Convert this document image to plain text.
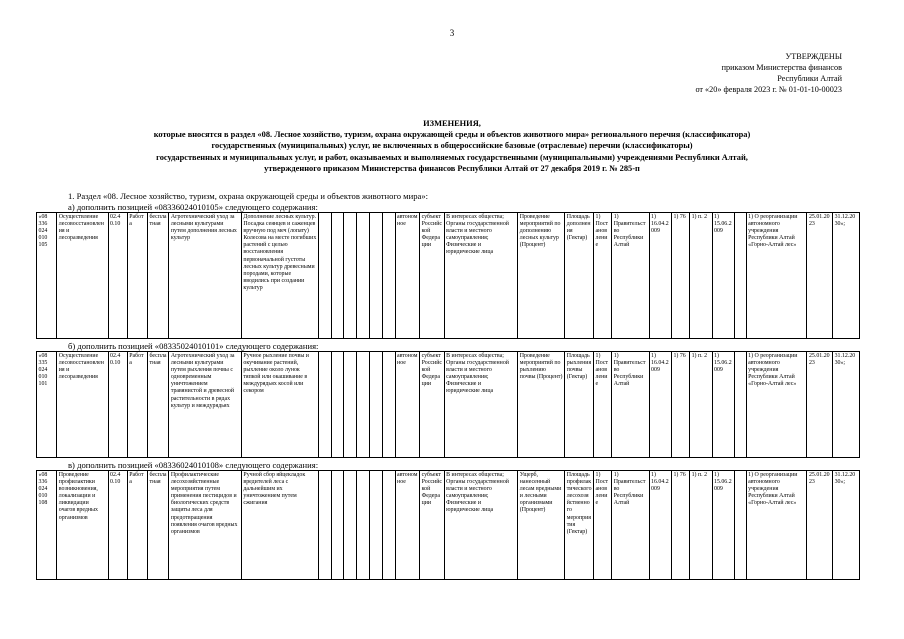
3
УТВЕРЖДЕНЫ
приказом Министерства финансов
Республики Алтай
от «20» февраля 2023 г. № 01-01-10-00023
ИЗМЕНЕНИЯ,
которые вносятся в раздел «08. Лесное хозяйство, туризм, охрана окружающей среды и объектов животного мира» регионального перечня (классификатора)
государственных (муниципальных) услуг, не включенных в общероссийские базовые (отраслевые) перечни (классификаторы)
государственных и муниципальных услуг, и работ, оказываемых и выполняемых государственными (муниципальными) учреждениями Республики Алтай,
утвержденного приказом Министерства финансов Республики Алтай от 27 декабря 2019 г. № 285-п
1. Раздел «08. Лесное хозяйство, туризм, охрана окружающей среды и объектов животного мира»:
а) дополнить позицией «08336024010105» следующего содержания:
«08 336 024 010 105	Осуществление лесовосстановления и лесоразведения	02.4 0.10	Работа	бесплатная	Агротехнический уход за лесными культурами путем дополнения лесных культур	Дополнение лесных культур. Посадка сеянцев и саженцев вручную под меч (лопату) Колесова на месте погибших растений с целью восстановления первоначальной густоты лесных культур древесными породами, которые вводились при создании культур							автономное	субъект Российской Федерации	В интересах общества; Органы государственной власти и местного самоуправления; Физические и юридические лица	Проведение мероприятий по дополнению лесных культур (Процент)	Площадь дополнения (Гектар)	1) Постановление	1) Правительство Республики Алтай	1) 16.04.2009	1) 76	1) п. 2	1) 15.06.2009		1) О реорганизации автономного учреждения Республики Алтай «Горно-Алтай лес»	25.01.2023	31.12.2030»;
б) дополнить позицией «08335024010101» следующего содержания:
«08 335 024 010 101	Осуществление лесовосстановления и лесоразведения	02.4 0.10	Работа	бесплатная	Агротехнический уход за лесными культурами путем рыхления почвы с одновременным уничтожением травянистой и древесной растительности в рядах культур и междурядьях	Ручное рыхление почвы и окучивание растений, рыхление около лунок тяпкой или окашивание в междурядьях косой или секором							автономное	субъект Российской Федерации	В интересах общества; Органы государственной власти и местного самоуправления; Физические и юридические лица	Проведение мероприятий по рыхлению почвы (Процент)	Площадь рыхления почвы (Гектар)	1) Постановление	1) Правительство Республики Алтай	1) 16.04.2009	1) 76	1) п. 2	1) 15.06.2009		1) О реорганизации автономного учреждения Республики Алтай «Горно-Алтай лес»	25.01.2023	31.12.2030»;
в) дополнить позицией «08336024010108» следующего содержания:
«08 336 024 010 108	Проведение профилактики возникновения, локализации и ликвидации очагов вредных организмов	02.4 0.10	Работа	бесплатная	Профилактические лесохозяйственные мероприятия путем применения пестицидов и биологических средств защиты леса для предотвращения появления очагов вредных организмов	Ручной сбор яйцекладок вредителей леса с дальнейшим их уничтожением путем сжигания							автономное	субъект Российской Федерации	В интересах общества; Органы государственной власти и местного самоуправления; Физические и юридические лица	Ущерб, нанесенный лесам вредными и лесными организмами (Процент)	Площадь профилактического лесохозяйственного мероприятия (Гектар)	1) Постановление	1) Правительство Республики Алтай	1) 16.04.2009	1) 76	1) п. 2	1) 15.06.2009		1) О реорганизации автономного учреждения Республики Алтай «Горно-Алтай лес»	25.01.2023	31.12.2030»;
